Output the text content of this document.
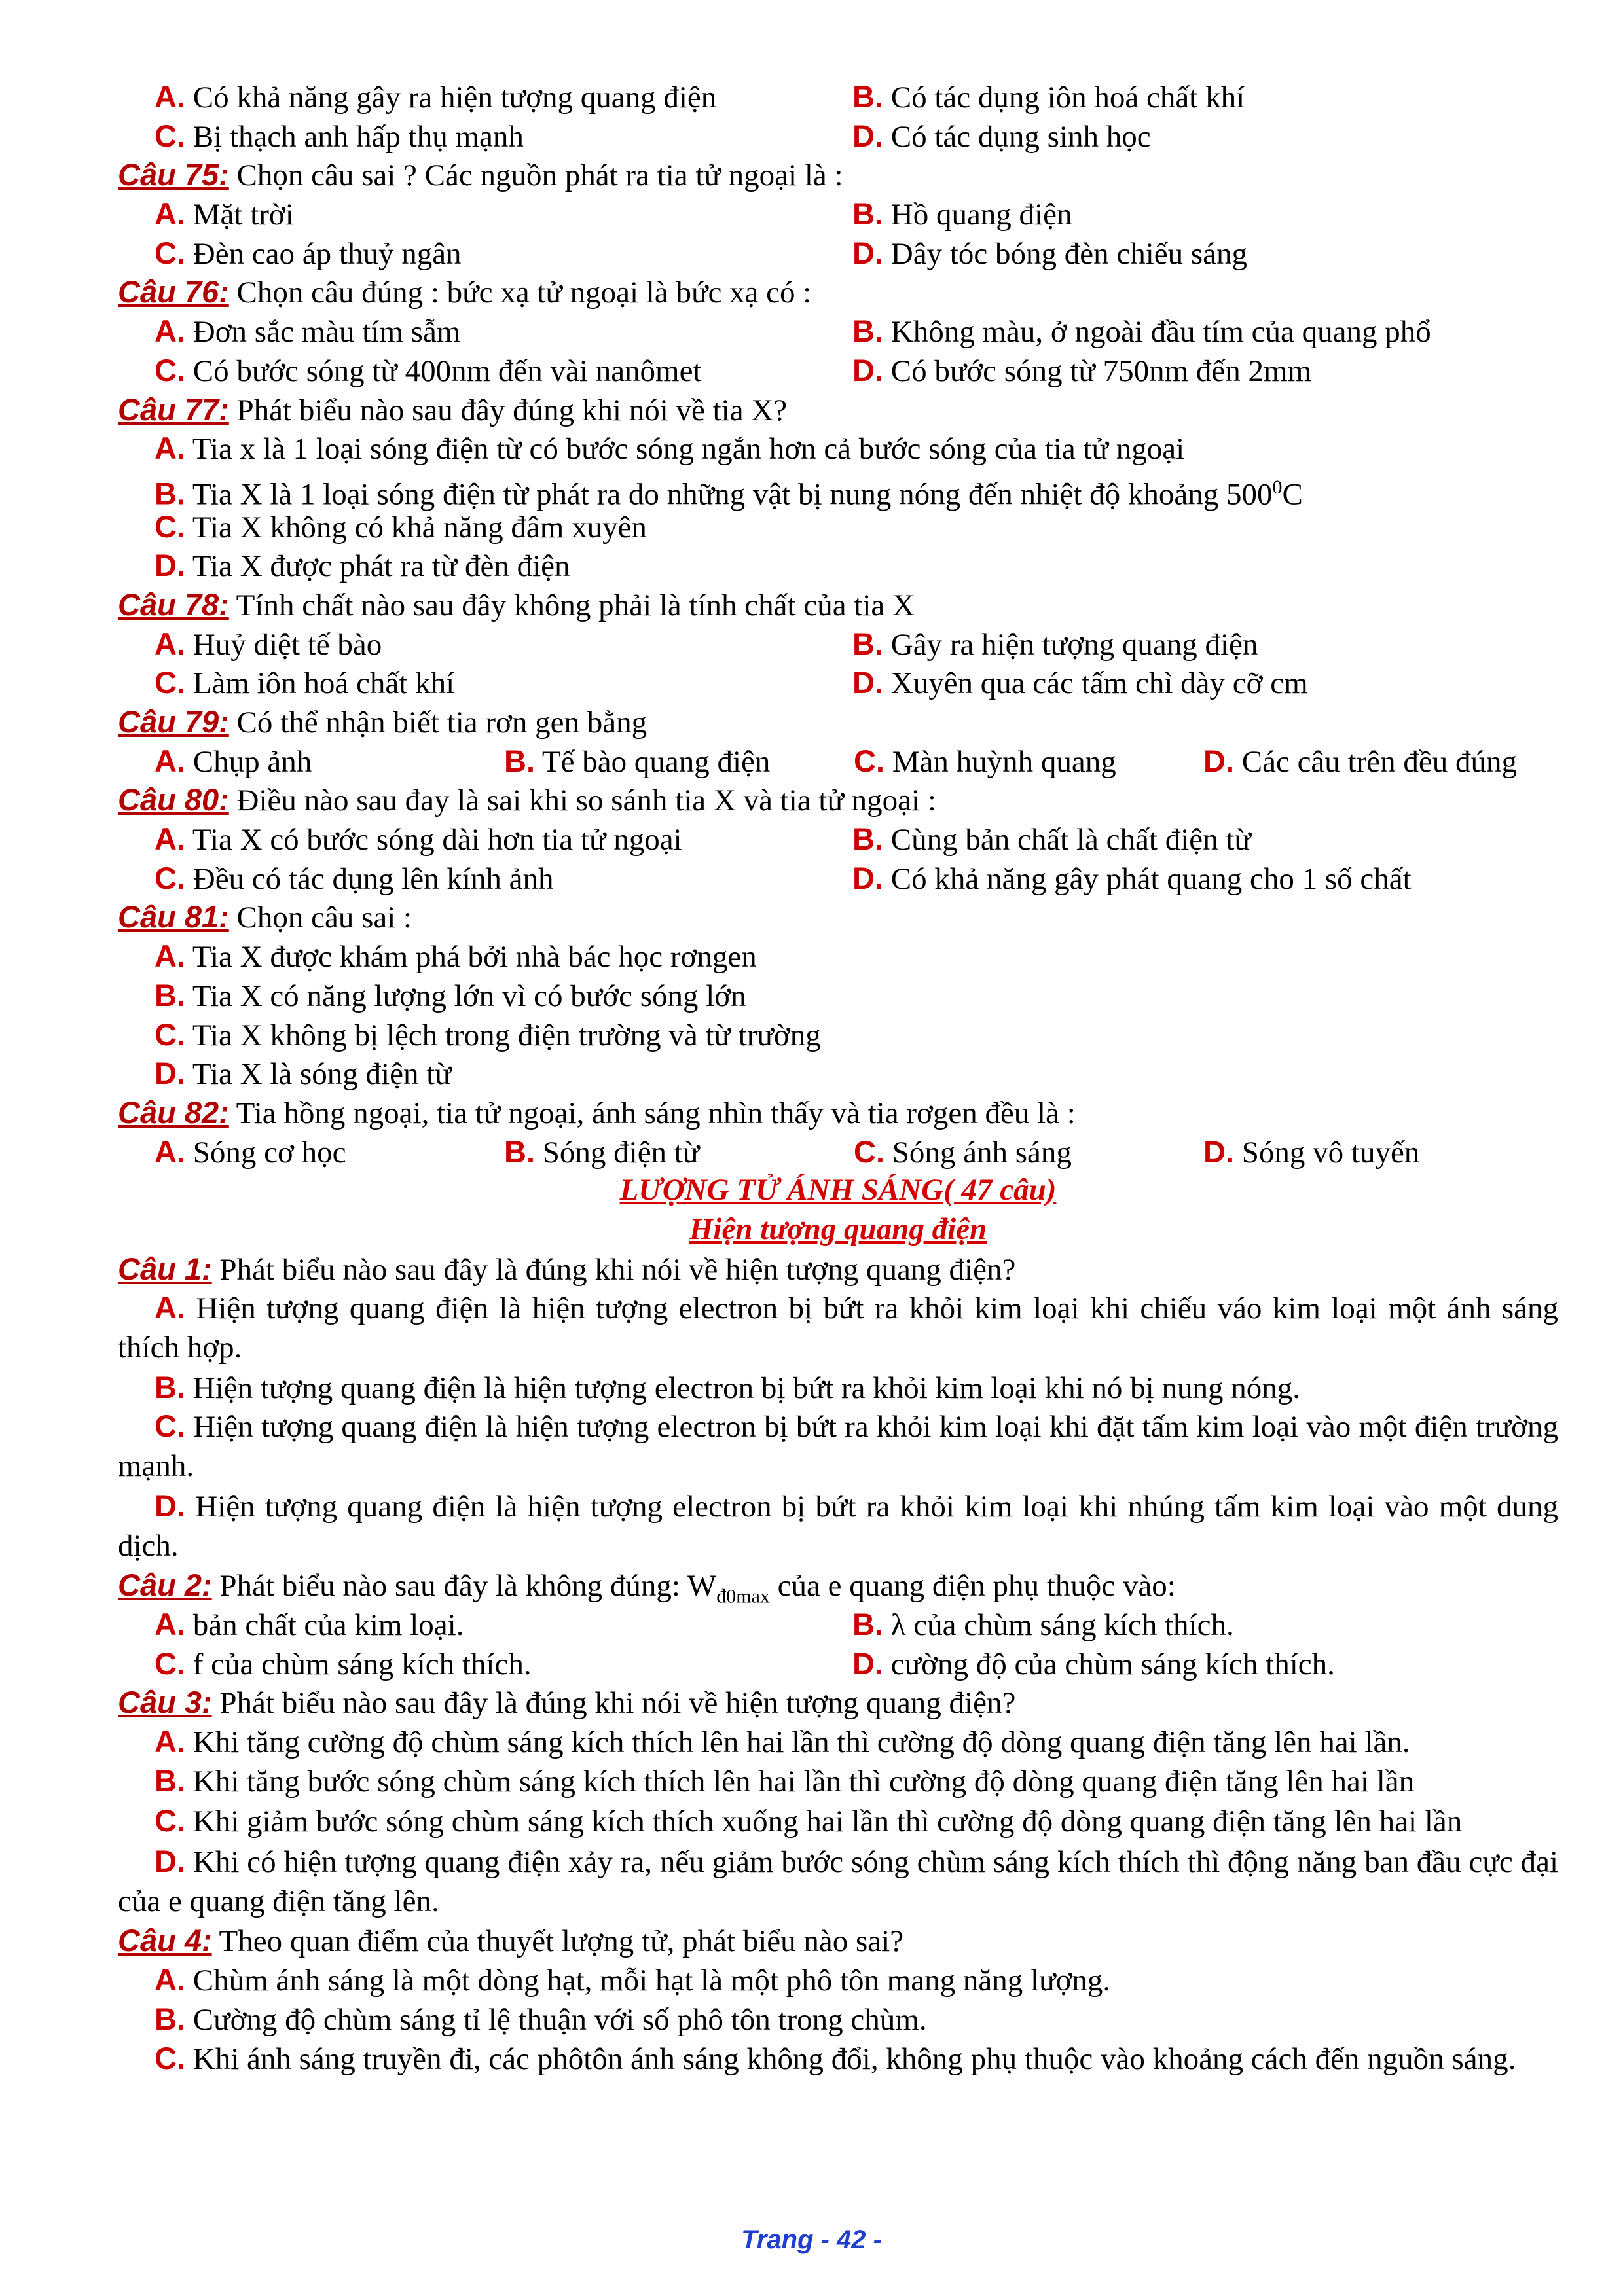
A. Có khả năng gây ra hiện tượng quang điện	B. Có tác dụng iôn hoá chất khí
C. Bị thạch anh hấp thụ mạnh	D. Có tác dụng sinh học
Câu 75: Chọn câu sai ? Các nguồn phát ra tia tử ngoại là :
A. Mặt trời	B. Hồ quang điện
C. Đèn cao áp thuỷ ngân	D. Dây tóc bóng đèn chiếu sáng
Câu 76: Chọn câu đúng : bức xạ tử ngoại là bức xạ có :
A. Đơn sắc màu tím sẫm	B. Không màu, ở ngoài đầu tím của quang phổ
C. Có bước sóng từ 400nm đến vài nanômet	D. Có bước sóng từ 750nm đến 2mm
Câu 77: Phát biểu nào sau đây đúng khi nói về tia X?
A. Tia x là 1 loại sóng điện từ có bước sóng ngắn hơn cả bước sóng của tia tử ngoại
B. Tia X là 1 loại sóng điện từ phát ra do những vật bị nung nóng đến nhiệt độ khoảng $500^0C$
C. Tia X không có khả năng đâm xuyên
D. Tia X được phát ra từ đèn điện
Câu 78: Tính chất nào sau đây không phải là tính chất của tia X
A. Huỷ diệt tế bào	B. Gây ra hiện tượng quang điện
C. Làm iôn hoá chất khí	D. Xuyên qua các tấm chì dày cỡ cm
Câu 79: Có thể nhận biết tia rơn gen bằng
A. Chụp ảnh	B. Tế bào quang điện	C. Màn huỳnh quang	D. Các câu trên đều đúng
Câu 80: Điều nào sau đay là sai khi so sánh tia X và tia tử ngoại :
A. Tia X có bước sóng dài hơn tia tử ngoại	B. Cùng bản chất là chất điện từ
C. Đều có tác dụng lên kính ảnh	D. Có khả năng gây phát quang cho 1 số chất
Câu 81: Chọn câu sai :
A. Tia X được khám phá bởi nhà bác học rơngen
B. Tia X có năng lượng lớn vì có bước sóng lớn
C. Tia X không bị lệch trong điện trường và từ trường
D. Tia X là sóng điện từ
Câu 82: Tia hồng ngoại, tia tử ngoại, ánh sáng nhìn thấy và tia rơgen đều là :
A. Sóng cơ học	B. Sóng điện từ	C. Sóng ánh sáng	D. Sóng vô tuyến
LƯỢNG TỬ ÁNH SÁNG( 47 câu)
Hiện tượng quang điện
Câu 1: Phát biểu nào sau đây là đúng khi nói về hiện tượng quang điện?
A. Hiện tượng quang điện là hiện tượng electron bị bứt ra khỏi kim loại khi chiếu váo kim loại một ánh sáng thích hợp.
B. Hiện tượng quang điện là hiện tượng electron bị bứt ra khỏi kim loại khi nó bị nung nóng.
C. Hiện tượng quang điện là hiện tượng electron bị bứt ra khỏi kim loại khi đặt tấm kim loại vào một điện trường mạnh.
D. Hiện tượng quang điện là hiện tượng electron bị bứt ra khỏi kim loại khi nhúng tấm kim loại vào một dung dịch.
Câu 2: Phát biểu nào sau đây là không đúng: $W_{đ0max}$ của e quang điện phụ thuộc vào:
A. bản chất của kim loại.	B. λ của chùm sáng kích thích.
C. f của chùm sáng kích thích.	D. cường độ của chùm sáng kích thích.
Câu 3: Phát biểu nào sau đây là đúng khi nói về hiện tượng quang điện?
A. Khi tăng cường độ chùm sáng kích thích lên hai lần thì cường độ dòng quang điện tăng lên hai lần.
B. Khi tăng bước sóng chùm sáng kích thích lên hai lần thì cường độ dòng quang điện tăng lên hai lần
C. Khi giảm bước sóng chùm sáng kích thích xuống hai lần thì cường độ dòng quang điện tăng lên hai lần
D. Khi có hiện tượng quang điện xảy ra, nếu giảm bước sóng chùm sáng kích thích thì động năng ban đầu cực đại của e quang điện tăng lên.
Câu 4: Theo quan điểm của thuyết lượng tử, phát biểu nào sai?
A. Chùm ánh sáng là một dòng hạt, mỗi hạt là một phô tôn mang năng lượng.
B. Cường độ chùm sáng tỉ lệ thuận với số phô tôn trong chùm.
C. Khi ánh sáng truyền đi, các phôtôn ánh sáng không đổi, không phụ thuộc vào khoảng cách đến nguồn sáng.
Trang - 42 -
